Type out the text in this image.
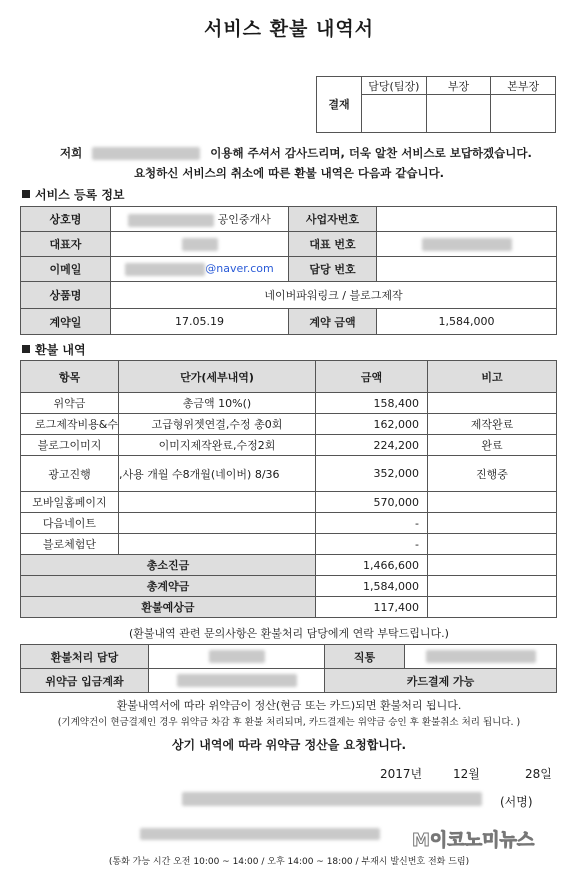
서비스 환불 내역서
결재	담당(팀장)	부장	본부장

저희	이용해 주셔서 감사드리며, 더욱 알찬 서비스로 보답하겠습니다.
요청하신 서비스의 취소에 따른 환불 내역은 다음과 같습니다.
서비스 등록 정보
상호명	공인중개사	사업자번호	
대표자		대표 번호	
이메일	@naver.com	담당 번호	
상품명	네이버파워링크 / 블로그제작		
계약일	17.05.19	계약 금액	1,584,000
환불 내역
항목	단가(세부내역)	금액	비고
위약금	총금액 10%()	158,400	
로그제작비용&수	고급형위젯연결,수정 총0회	162,000	제작완료
블로그이미지	이미지제작완료,수정2회	224,200	완료
광고진행	,사용 개월 수8개월(네이버) 8/36	352,000	진행중
모바일홈페이지		570,000	
다음네이트		-	
블로체험단		-	
총소진금		1,466,600	
총계약금		1,584,000	
환불예상금		117,400	
(환불내역 관련 문의사항은 환불처리 담당에게 연락 부탁드립니다.)
환불처리 담당		직통	
위약금 입금계좌		카드결제 가능	
환불내역서에 따라 위약금이 정산(현금 또는 카드)되면 환불처리 됩니다.
(기계약건이 현금결제인 경우 위약금 차감 후 환불 처리되며, 카드결제는 위약금 승인 후 환불취소 처리 됩니다. )
상기 내역에 따라 위약금 정산을 요청합니다.
2017년	12월	28일
(서명)
M이코노미뉴스
(통화 가능 시간 오전 10:00 ~ 14:00 / 오후 14:00 ~ 18:00 / 부재시 발신번호 전화 드림)
